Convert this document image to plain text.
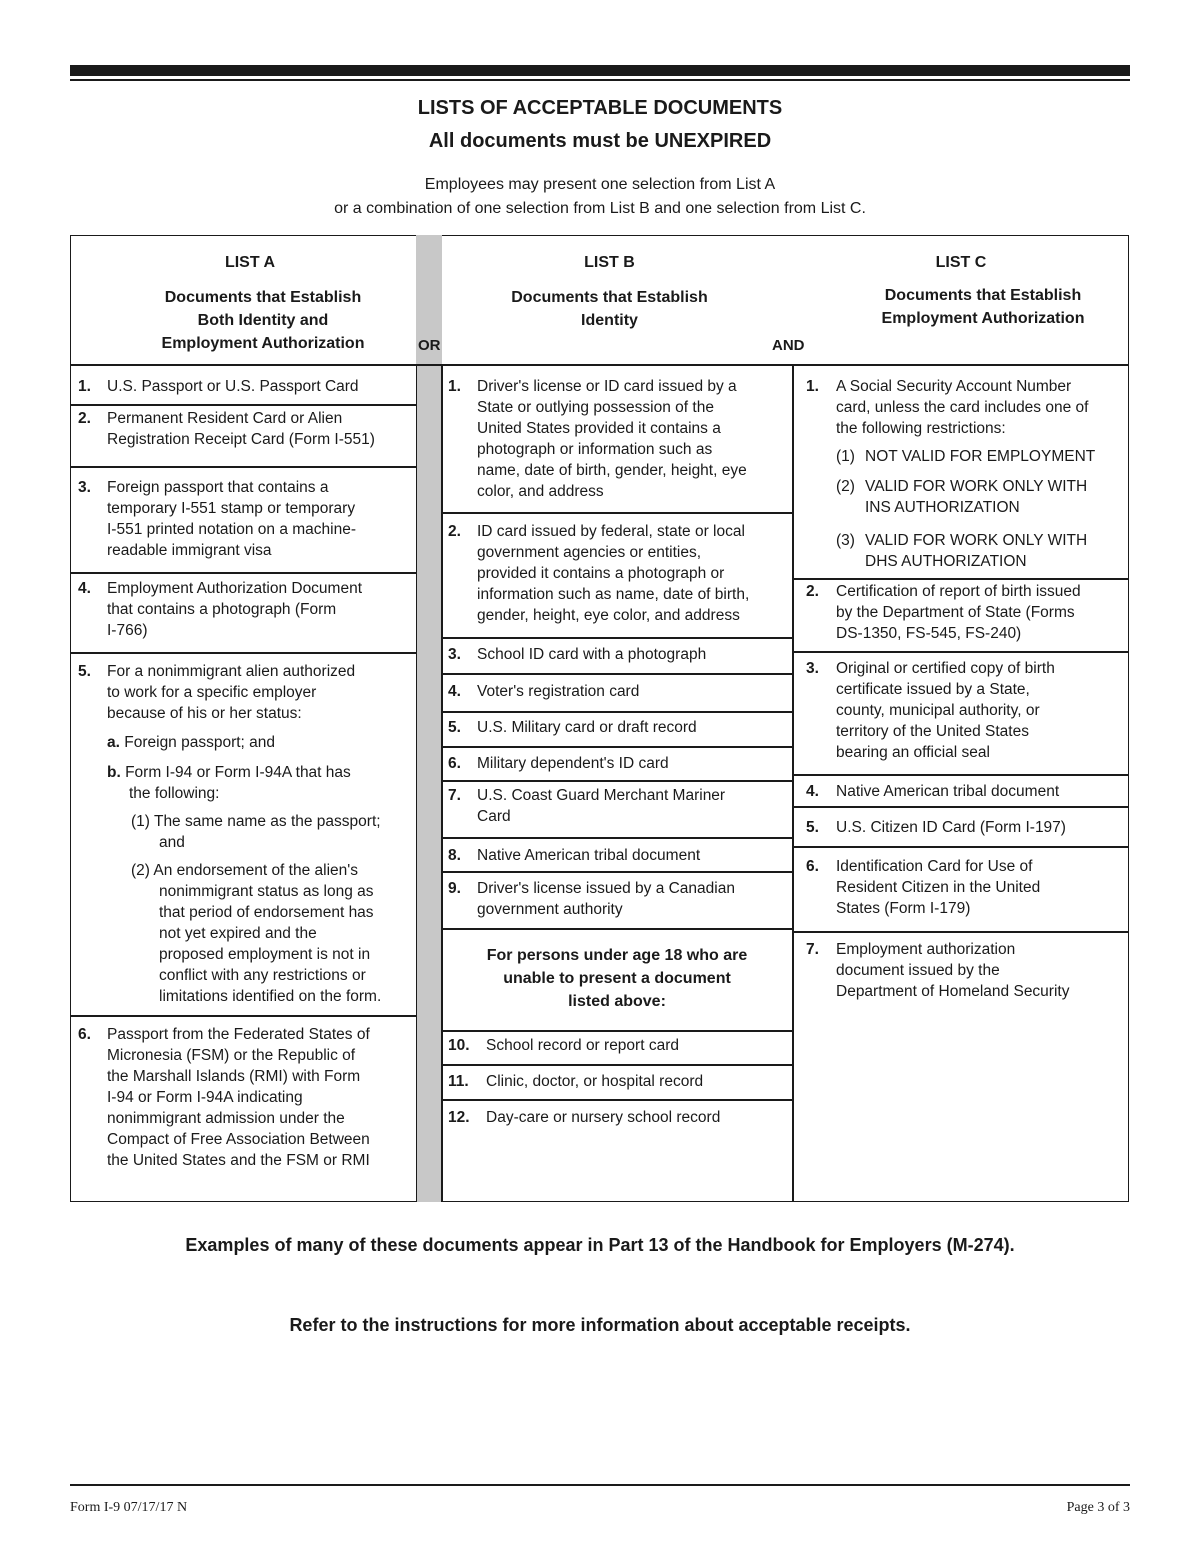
LISTS OF ACCEPTABLE DOCUMENTS
All documents must be UNEXPIRED
Employees may present one selection from List A
or a combination of one selection from List B and one selection from List C.
LIST A
Documents that Establish
Both Identity and
Employment Authorization	OR
LIST B
Documents that Establish
Identity
AND
LIST C
Documents that Establish
Employment Authorization
1. U.S. Passport or U.S. Passport Card
2. Permanent Resident Card or Alien
Registration Receipt Card (Form I-551)
3. Foreign passport that contains a
temporary I-551 stamp or temporary
I-551 printed notation on a machine-
readable immigrant visa
4. Employment Authorization Document
that contains a photograph (Form
I-766)
5. For a nonimmigrant alien authorized
to work for a specific employer
because of his or her status:
a. Foreign passport; and
b. Form I-94 or Form I-94A that has
the following:
(1) The same name as the passport;
and
(2) An endorsement of the alien's
nonimmigrant status as long as
that period of endorsement has
not yet expired and the
proposed employment is not in
conflict with any restrictions or
limitations identified on the form.
6. Passport from the Federated States of
Micronesia (FSM) or the Republic of
the Marshall Islands (RMI) with Form
I-94 or Form I-94A indicating
nonimmigrant admission under the
Compact of Free Association Between
the United States and the FSM or RMI
1. Driver's license or ID card issued by a
State or outlying possession of the
United States provided it contains a
photograph or information such as
name, date of birth, gender, height, eye
color, and address
2. ID card issued by federal, state or local
government agencies or entities,
provided it contains a photograph or
information such as name, date of birth,
gender, height, eye color, and address
3. School ID card with a photograph
4. Voter's registration card
5. U.S. Military card or draft record
6. Military dependent's ID card
7. U.S. Coast Guard Merchant Mariner
Card
8. Native American tribal document
9. Driver's license issued by a Canadian
government authority
For persons under age 18 who are
unable to present a document
listed above:
10. School record or report card
11. Clinic, doctor, or hospital record
12. Day-care or nursery school record
1. A Social Security Account Number
card, unless the card includes one of
the following restrictions:
(1) NOT VALID FOR EMPLOYMENT
(2) VALID FOR WORK ONLY WITH
INS AUTHORIZATION
(3) VALID FOR WORK ONLY WITH
DHS AUTHORIZATION
2. Certification of report of birth issued
by the Department of State (Forms
DS-1350, FS-545, FS-240)
3. Original or certified copy of birth
certificate issued by a State,
county, municipal authority, or
territory of the United States
bearing an official seal
4. Native American tribal document
5. U.S. Citizen ID Card (Form I-197)
6. Identification Card for Use of
Resident Citizen in the United
States (Form I-179)
7. Employment authorization
document issued by the
Department of Homeland Security
Examples of many of these documents appear in Part 13 of the Handbook for Employers (M-274).
Refer to the instructions for more information about acceptable receipts.
Form I-9 07/17/17 N	Page 3 of 3
